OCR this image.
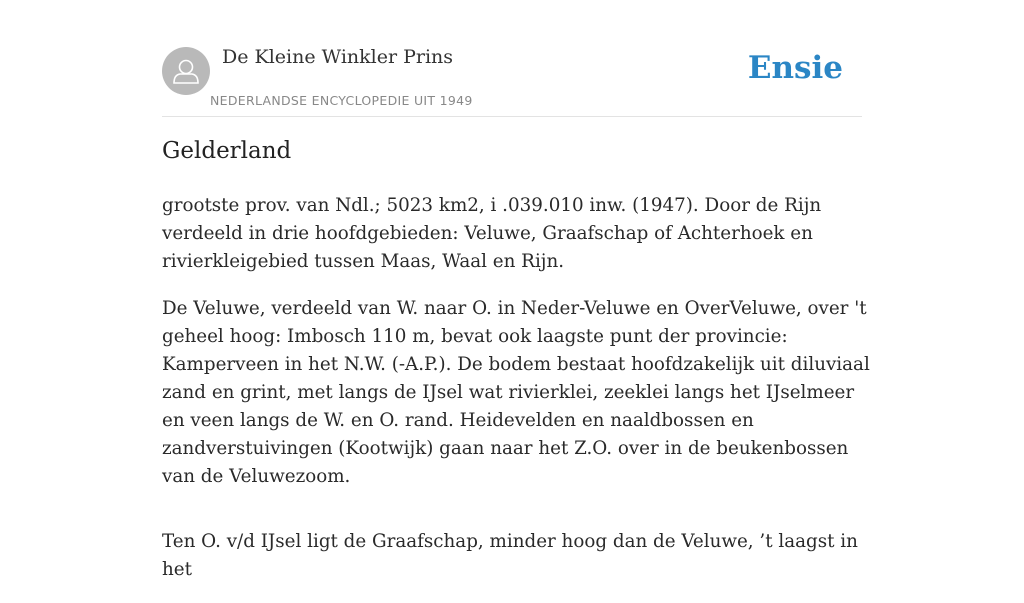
De Kleine Winkler Prins
NEDERLANDSE ENCYCLOPEDIE UIT 1949
Ensie
Gelderland

grootste prov. van Ndl.; 5023 km2, i .039.010 inw. (1947). Door de Rijn verdeeld in drie hoofdgebieden: Veluwe, Graafschap of Achterhoek en rivierkleigebied tussen Maas, Waal en Rijn.

De Veluwe, verdeeld van W. naar O. in Neder-Veluwe en OverVeluwe, over 't geheel hoog: Imbosch 110 m, bevat ook laagste punt der provincie: Kamperveen in het N.W. (-A.P.). De bodem bestaat hoofdzakelijk uit diluviaal zand en grint, met langs de IJsel wat rivierklei, zeeklei langs het IJselmeer en veen langs de W. en O. rand. Heidevelden en naaldbossen en zandverstuivingen (Kootwijk) gaan naar het Z.O. over in de beukenbossen van de Veluwezoom.

Ten O. v/d IJsel ligt de Graafschap, minder hoog dan de Veluwe, ’t laagst in het
